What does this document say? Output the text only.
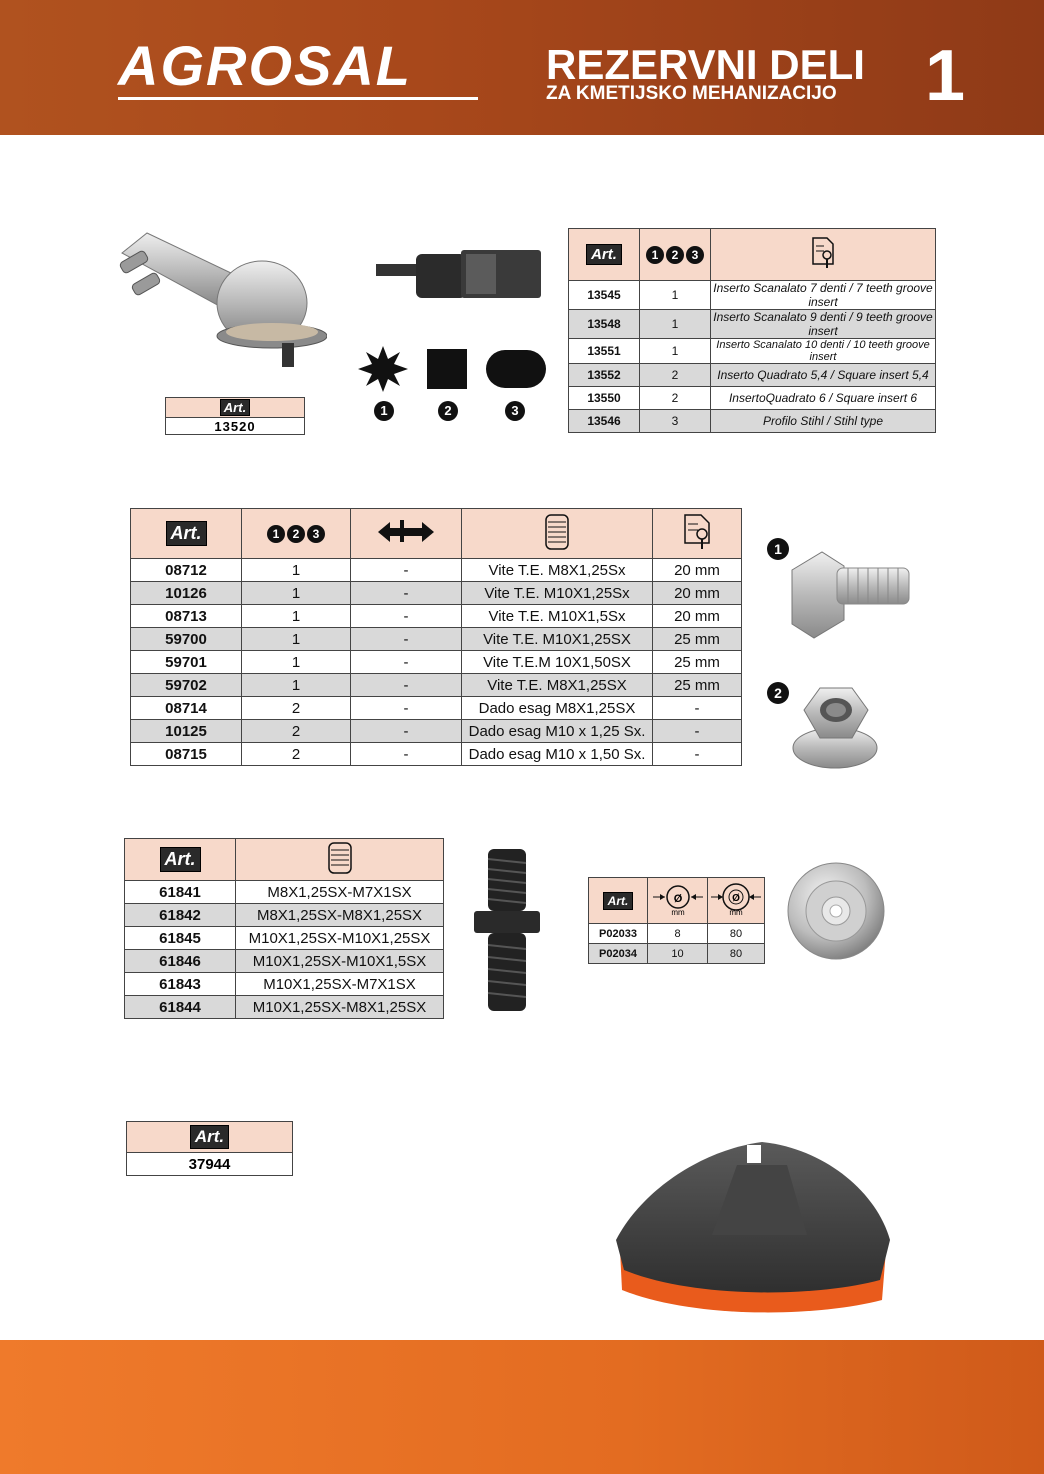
AGROSAL	REZERVNI DELI
ZA KMETIJSKO MEHANIZACIJO 1
1	2	3
Art.
13520
Art.	1 2 3

13545	1	Inserto Scanalato 7 denti / 7 teeth groove insert
13548	1	Inserto Scanalato 9 denti / 9 teeth groove insert
13551	1	Inserto Scanalato 10 denti / 10 teeth groove insert
13552	2	Inserto Quadrato 5,4 / Square insert 5,4
13550	2	InsertoQuadrato 6 / Square insert 6
13546	3	Profilo Stihl / Stihl type
Art.	1 2 3

08712	1	-	Vite T.E. M8X1,25Sx	20 mm
10126	1	-	Vite T.E. M10X1,25Sx	20 mm
08713	1	-	Vite T.E. M10X1,5Sx	20 mm
59700	1	-	Vite T.E. M10X1,25SX	25 mm
59701	1	-	Vite T.E.M 10X1,50SX	25 mm
59702	1	-	Vite T.E. M8X1,25SX	25 mm
08714	2	-	Dado esag M8X1,25SX	-
10125	2	-	Dado esag M10 x 1,25 Sx.	-
08715	2	-	Dado esag M10 x 1,50 Sx.	-
1
2
Art.	
61841	M8X1,25SX-M7X1SX
61842	M8X1,25SX-M8X1,25SX
61845	M10X1,25SX-M10X1,25SX
61846	M10X1,25SX-M10X1,5SX
61843	M10X1,25SX-M7X1SX
61844	M10X1,25SX-M8X1,25SX
Art.	Ø
mm	Ø
mm

P02033	8	80
P02034	10	80
Art.
37944
